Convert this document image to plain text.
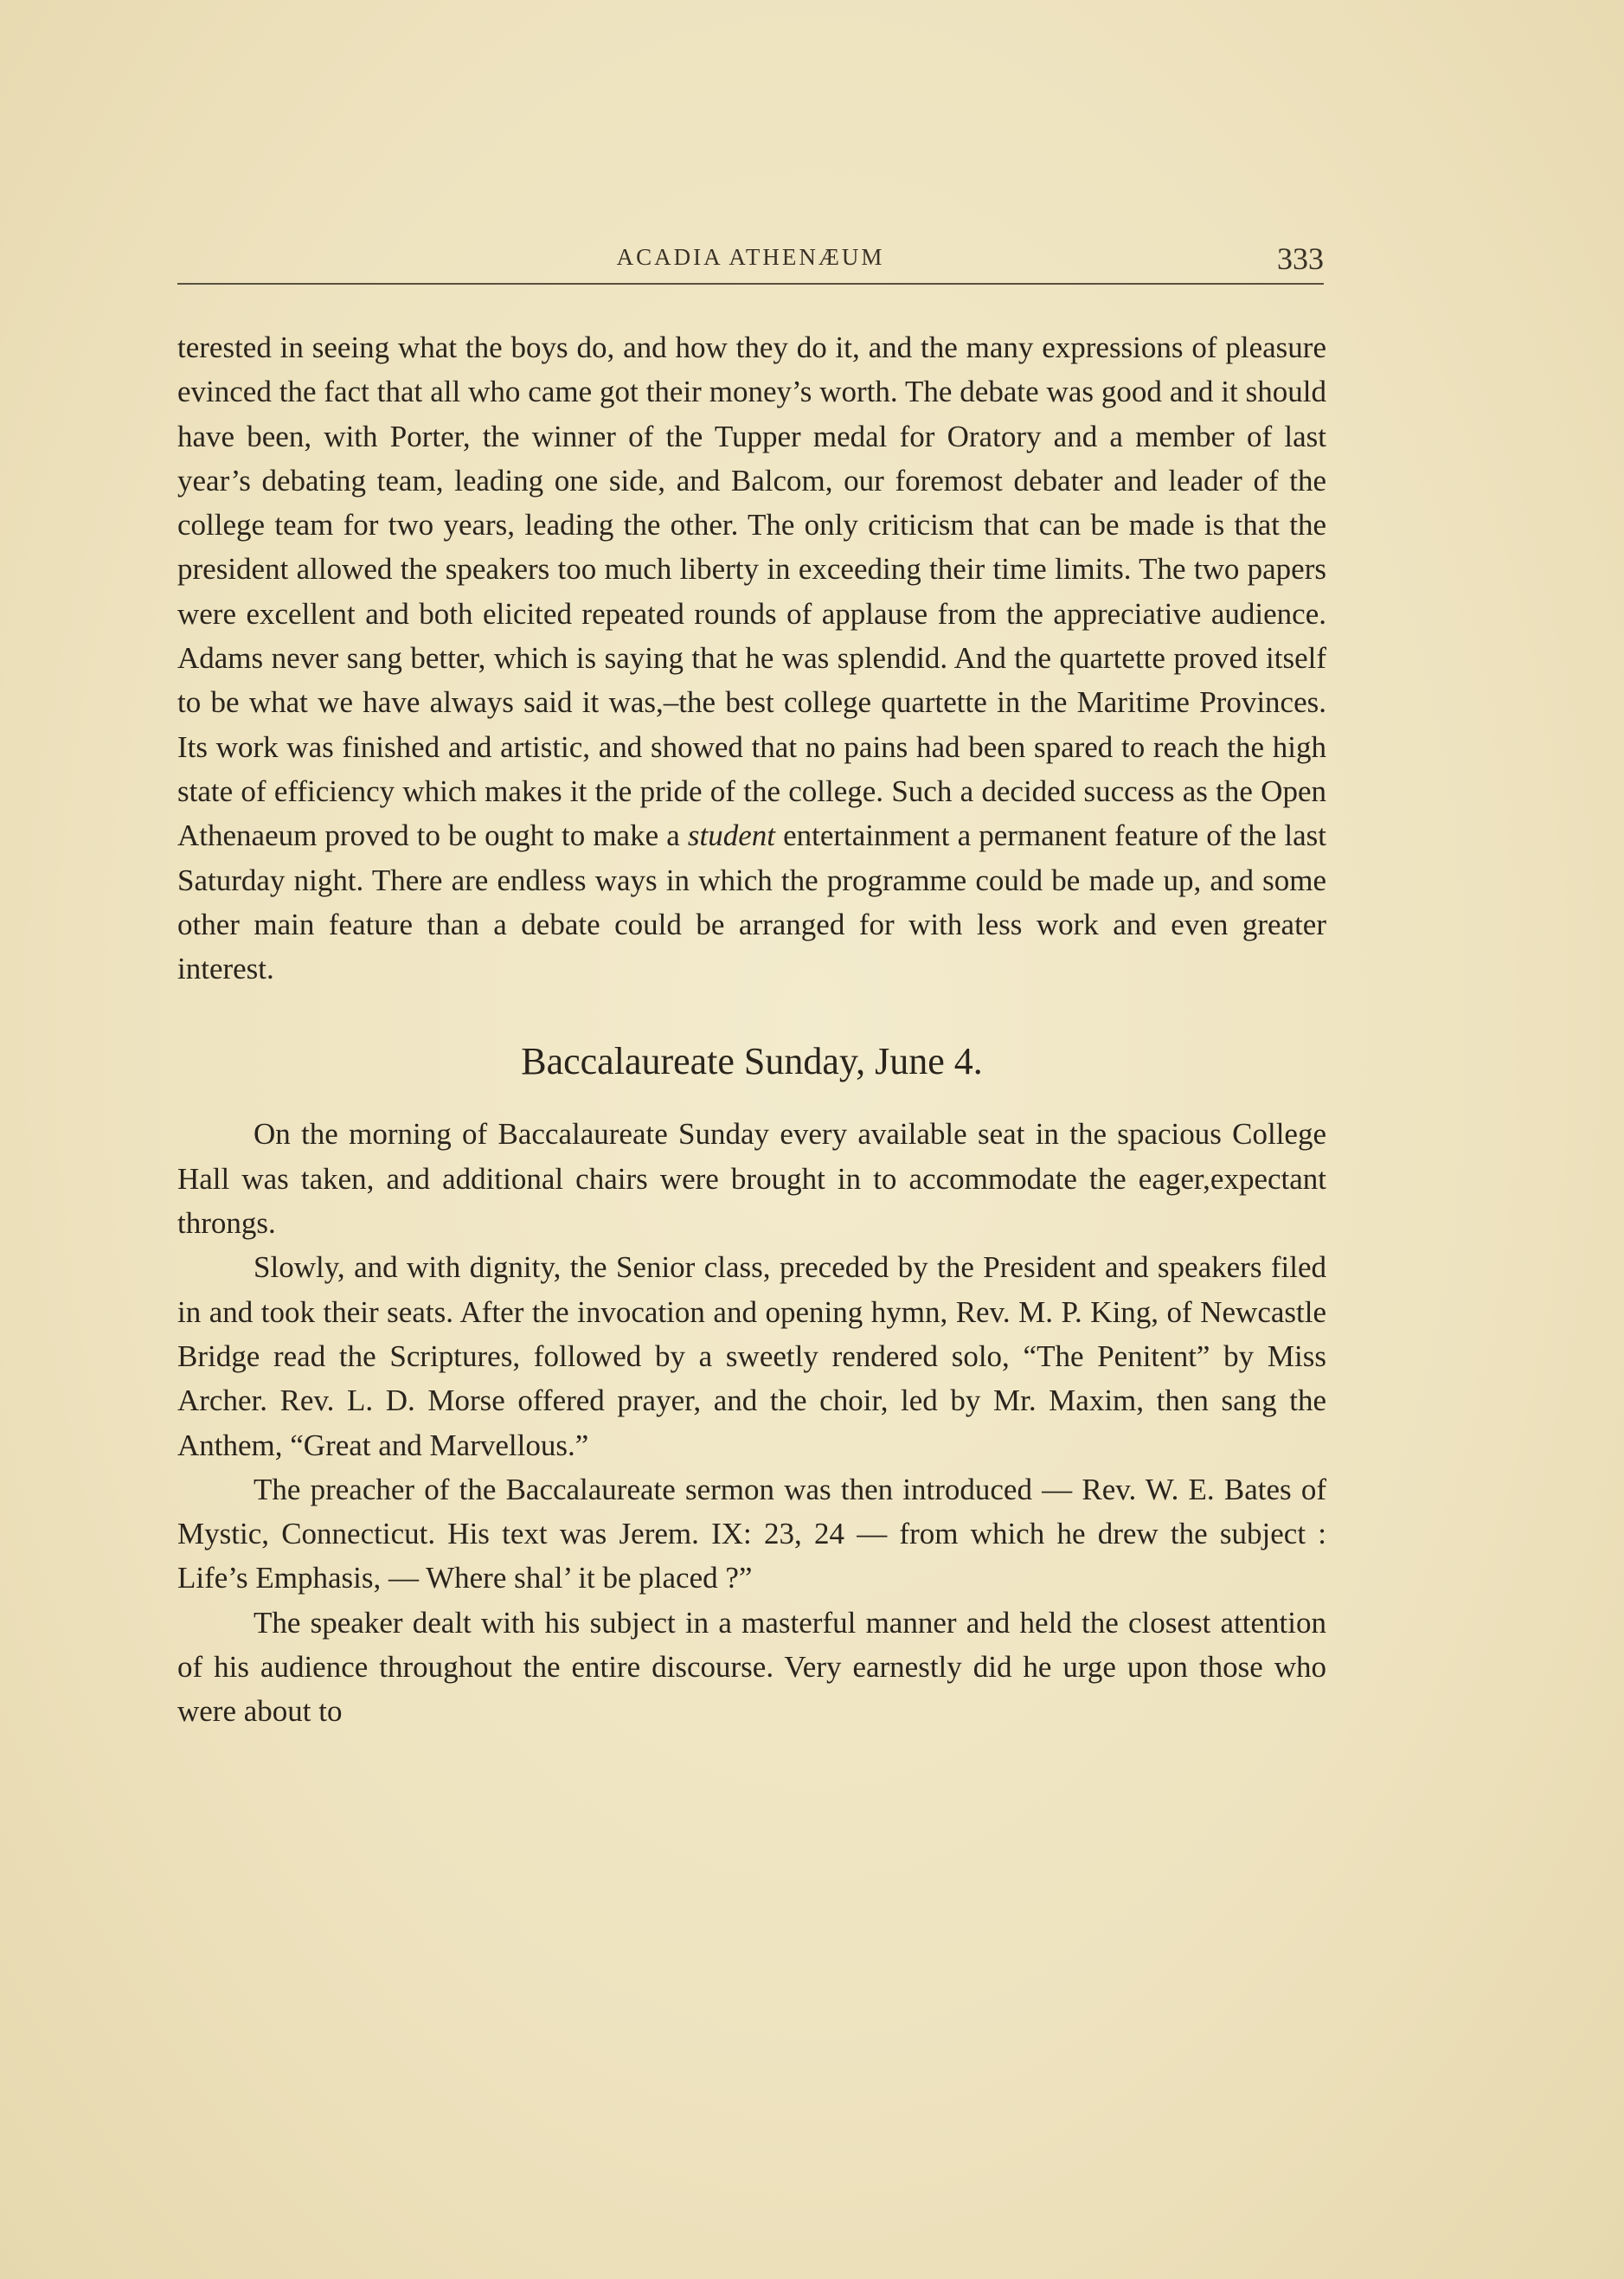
ACADIA ATHENÆUM	333

terested in seeing what the boys do, and how they do it, and the many expressions of pleasure evinced the fact that all who came got their money’s worth. The debate was good and it should have been, with Porter, the winner of the Tupper medal for Oratory and a member of last year’s debating team, leading one side, and Balcom, our foremost debater and leader of the college team for two years, leading the other. The only criticism that can be made is that the president allowed the speakers too much liberty in exceeding their time limits. The two papers were excellent and both elicited repeated rounds of applause from the appreciative audience. Adams never sang better, which is saying that he was splendid. And the quartette proved itself to be what we have always said it was,–the best college quartette in the Maritime Provinces. Its work was finished and artistic, and showed that no pains had been spared to reach the high state of efficiency which makes it the pride of the college. Such a decided success as the Open Athenaeum proved to be ought to make a student entertainment a permanent feature of the last Saturday night. There are endless ways in which the programme could be made up, and some other main feature than a debate could be arranged for with less work and even greater interest.

Baccalaureate Sunday, June 4.

On the morning of Baccalaureate Sunday every available seat in the spacious College Hall was taken, and additional chairs were brought in to accommodate the eager,expectant throngs.

Slowly, and with dignity, the Senior class, preceded by the President and speakers filed in and took their seats. After the invocation and opening hymn, Rev. M. P. King, of Newcastle Bridge read the Scriptures, followed by a sweetly rendered solo, “The Penitent” by Miss Archer. Rev. L. D. Morse offered prayer, and the choir, led by Mr. Maxim, then sang the Anthem, “Great and Marvellous.”

The preacher of the Baccalaureate sermon was then introduced — Rev. W. E. Bates of Mystic, Connecticut. His text was Jerem. IX: 23, 24 — from which he drew the subject : Life’s Emphasis, — Where shal’ it be placed ?”

The speaker dealt with his subject in a masterful manner and held the closest attention of his audience throughout the entire discourse. Very earnestly did he urge upon those who were about to
